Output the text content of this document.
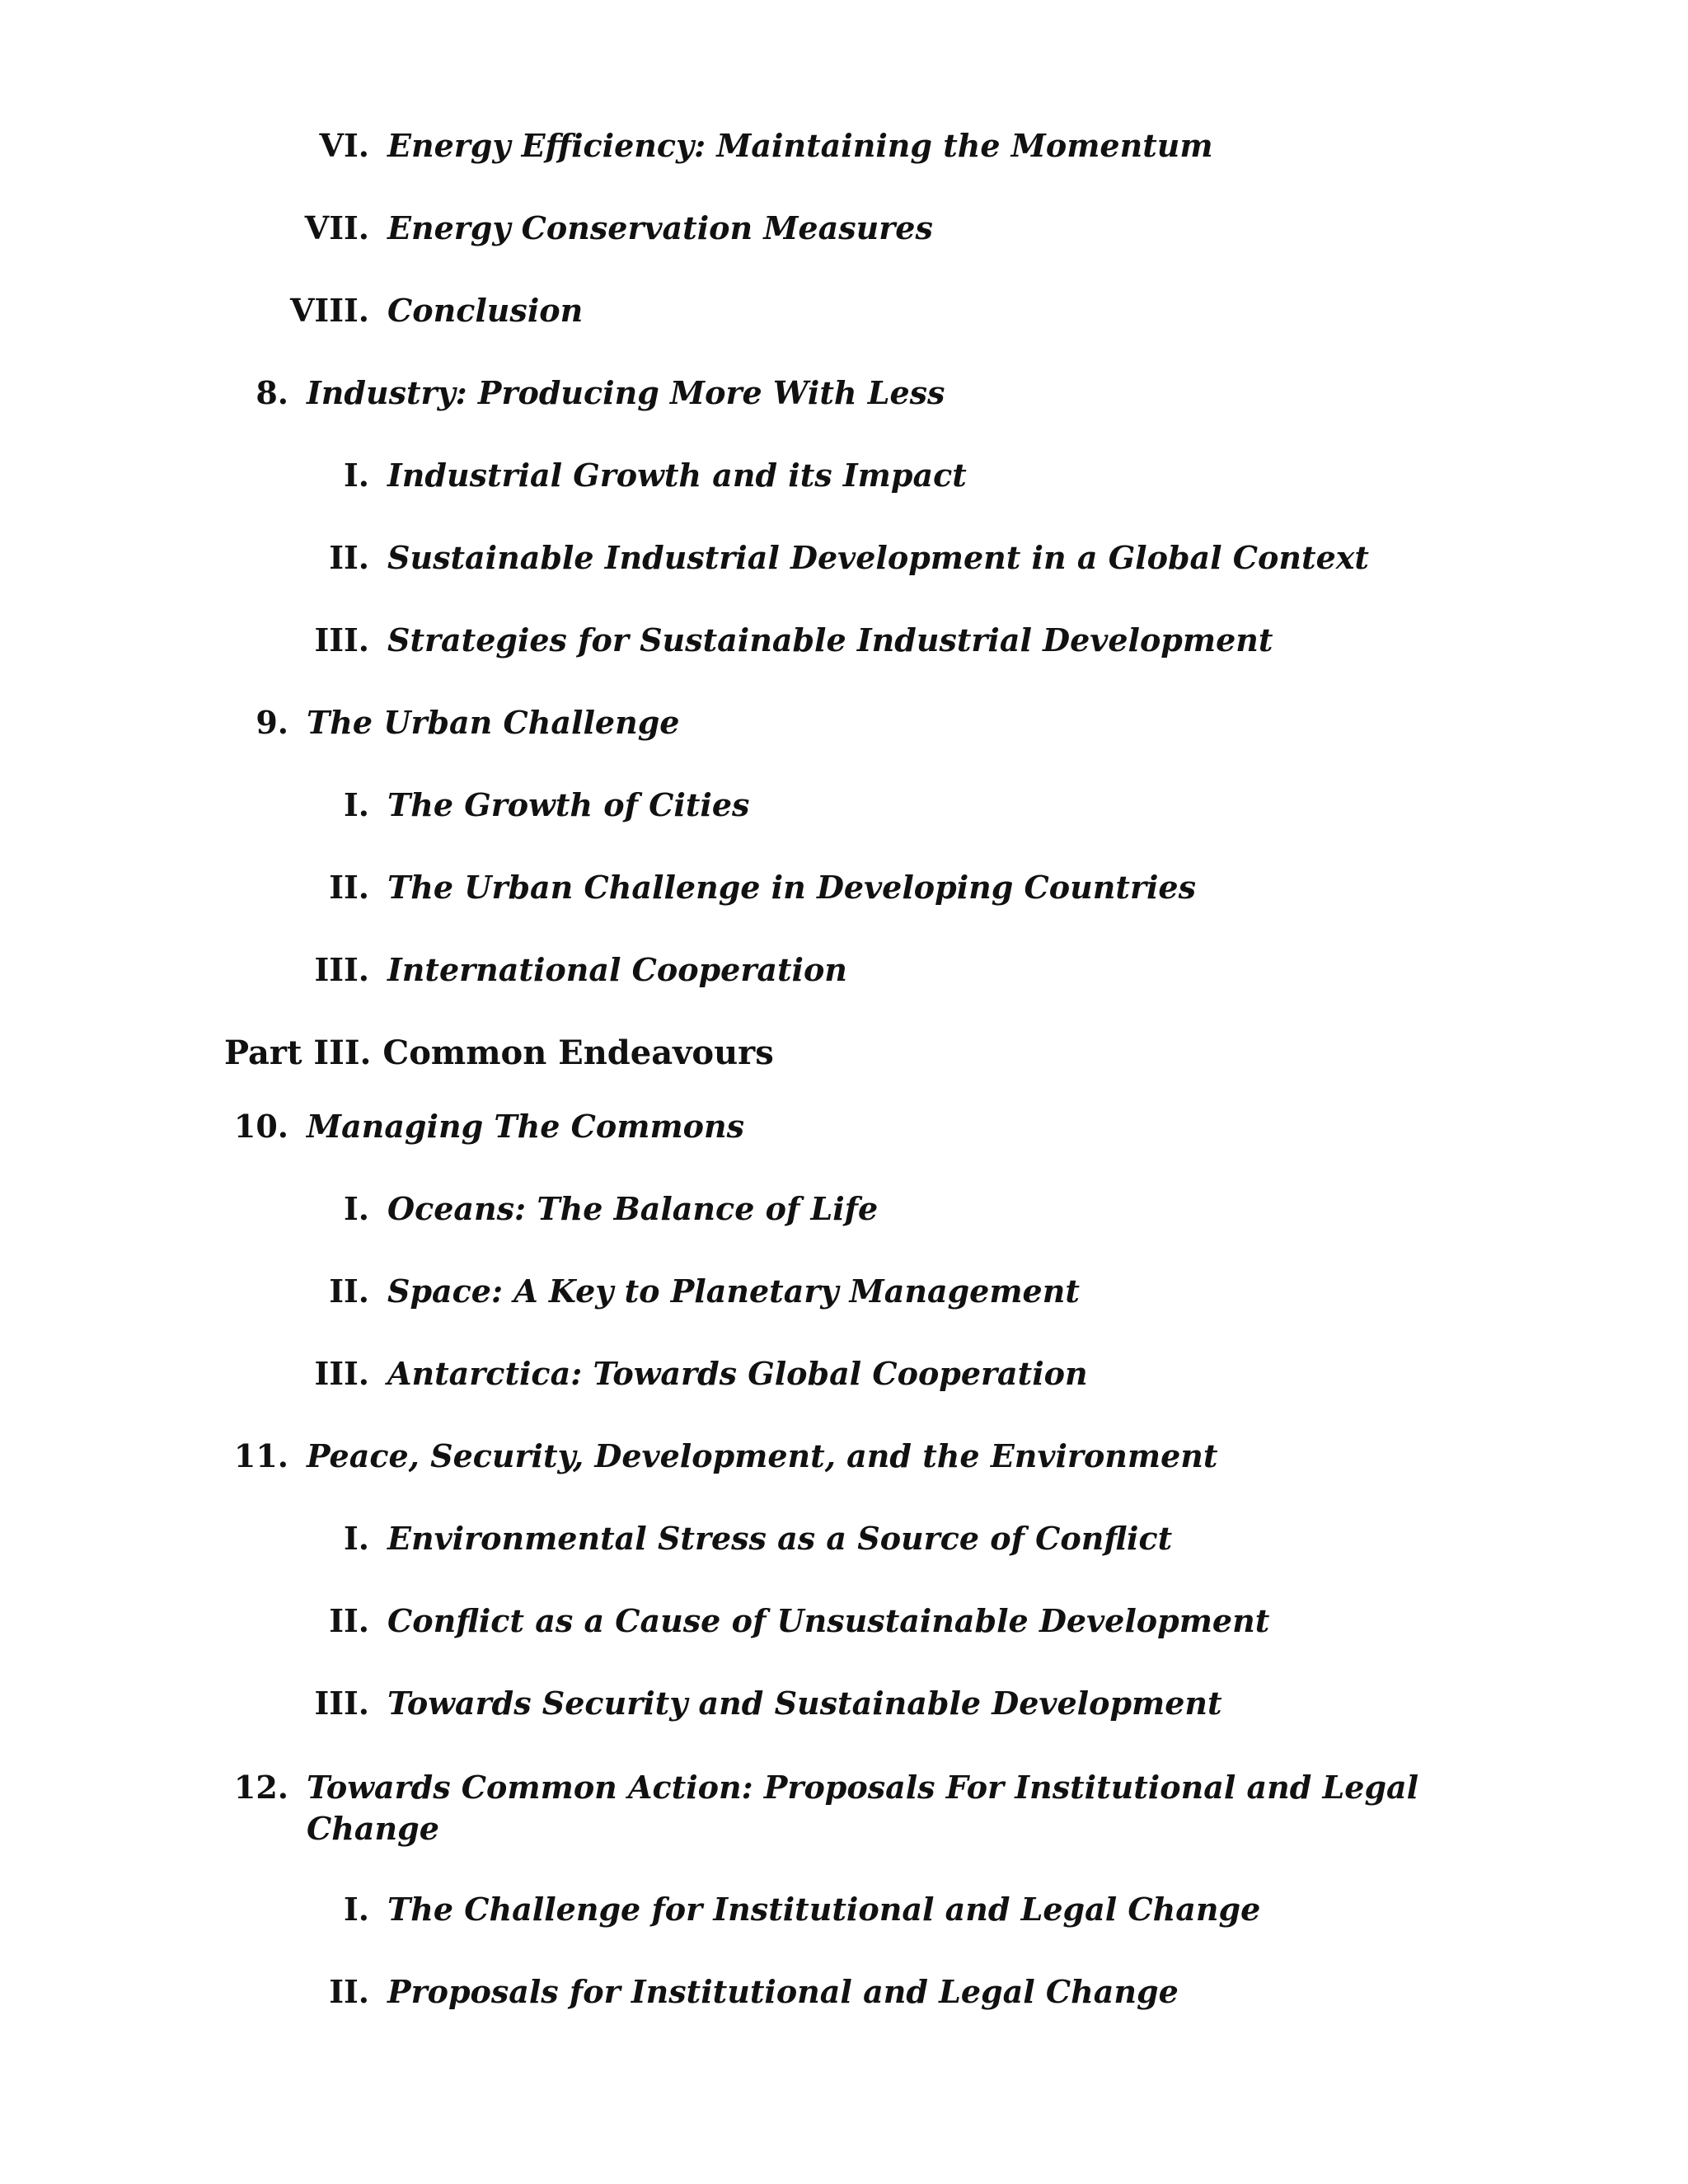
VI. Energy Efficiency: Maintaining the Momentum
VII. Energy Conservation Measures
VIII. Conclusion
8. Industry: Producing More With Less
I. Industrial Growth and its Impact
II. Sustainable Industrial Development in a Global Context
III. Strategies for Sustainable Industrial Development
9. The Urban Challenge
I. The Growth of Cities
II. The Urban Challenge in Developing Countries
III. International Cooperation
Part III. Common Endeavours
10. Managing The Commons
I. Oceans: The Balance of Life
II. Space: A Key to Planetary Management
III. Antarctica: Towards Global Cooperation
11. Peace, Security, Development, and the Environment
I. Environmental Stress as a Source of Conflict
II. Conflict as a Cause of Unsustainable Development
III. Towards Security and Sustainable Development
12. Towards Common Action: Proposals For Institutional and Legal Change
I. The Challenge for Institutional and Legal Change
II. Proposals for Institutional and Legal Change
